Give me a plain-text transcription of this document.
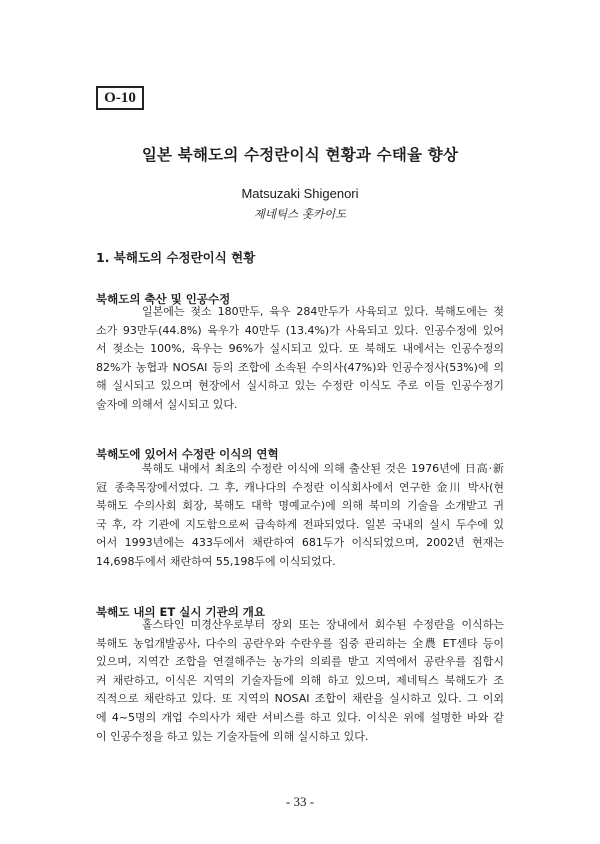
O-10
일본 북해도의 수정란이식 현황과 수태율 향상
Matsuzaki Shigenori
제네틱스 홋카이도
1. 북해도의 수정란이식 현황
북해도의 축산 및 인공수정
일본에는 젖소 180만두, 육우 284만두가 사육되고 있다. 북해도에는 젖
소가 93만두(44.8%) 육우가 40만두 (13.4%)가 사육되고 있다. 인공수정에 있어
서 젖소는 100%, 육우는 96%가 실시되고 있다. 또 북해도 내에서는 인공수정의
82%가 농협과 NOSAI 등의 조합에 소속된 수의사(47%)와 인공수정사(53%)에 의
해 실시되고 있으며 현장에서 실시하고 있는 수정란 이식도 주로 이들 인공수정기
술자에 의해서 실시되고 있다.
북해도에 있어서 수정란 이식의 연혁
북해도 내에서 최초의 수정란 이식에 의해 출산된 것은 1976년에 日高·新
冠 종축목장에서였다. 그 후, 캐나다의 수정란 이식회사에서 연구한 金川 박사(현
북해도 수의사회 회장, 북해도 대학 명예교수)에 의해 북미의 기술을 소개받고 귀
국 후, 각 기관에 지도함으로써 급속하게 전파되었다. 일본 국내의 실시 두수에 있
어서 1993년에는 433두에서 채란하여 681두가 이식되었으며, 2002년 현재는
14,698두에서 채란하여 55,198두에 이식되었다.
북해도 내의 ET 실시 기관의 개요
홀스타인 미경산우로부터 장외 또는 장내에서 회수된 수정란을 이식하는
북해도 농업개발공사, 다수의 공란우와 수란우를 집중 관리하는 全農 ET센타 등이
있으며, 지역간 조합을 연결해주는 농가의 의뢰를 받고 지역에서 공란우를 집합시
켜 채란하고, 이식은 지역의 기술자들에 의해 하고 있으며, 제네틱스 북해도가 조
직적으로 채란하고 있다. 또 지역의 NOSAI 조합이 채란을 실시하고 있다. 그 이외
에 4~5명의 개업 수의사가 채란 서비스를 하고 있다. 이식은 위에 설명한 바와 같
이 인공수정을 하고 있는 기술자들에 의해 실시하고 있다.
- 33 -
